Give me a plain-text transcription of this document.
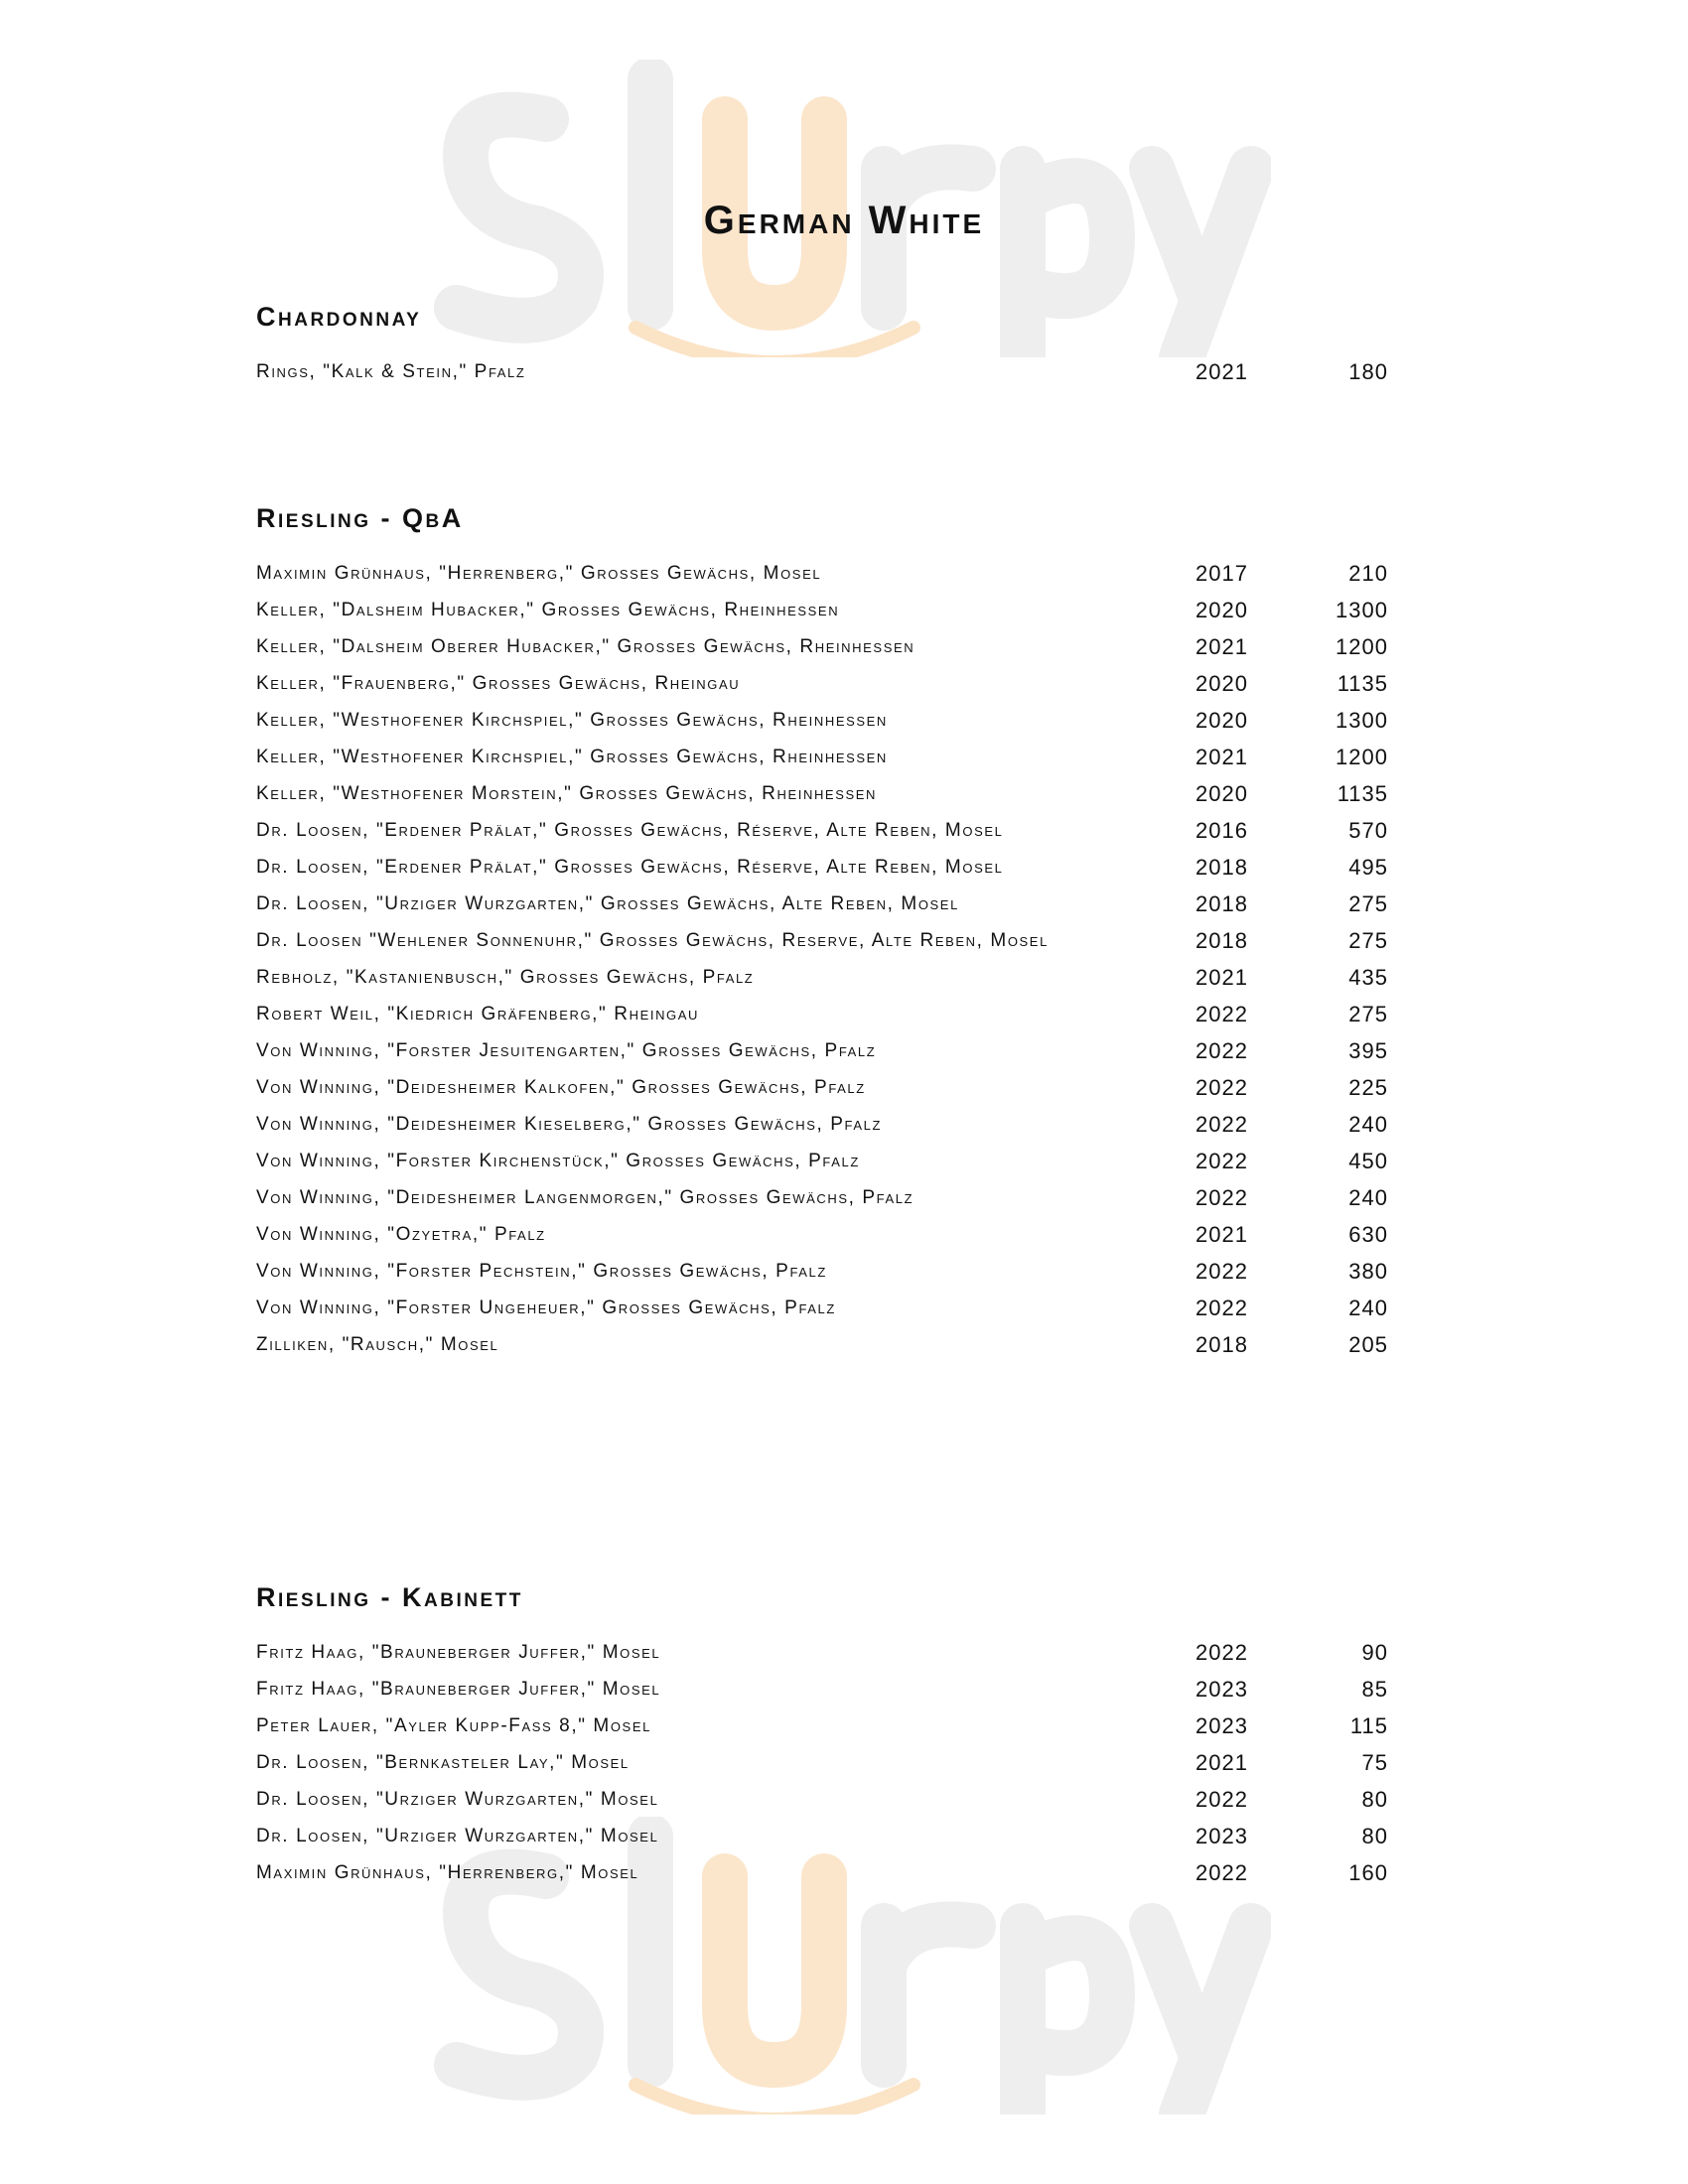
German White
Chardonnay
Rings, "Kalk & Stein," Pfalz	2021	180
Riesling - QbA
Maximin Grünhaus, "Herrenberg," Grosses Gewächs, Mosel	2017	210
Keller, "Dalsheim Hubacker," Grosses Gewächs, Rheinhessen	2020	1300
Keller, "Dalsheim Oberer Hubacker," Grosses Gewächs, Rheinhessen	2021	1200
Keller, "Frauenberg," Grosses Gewächs, Rheingau	2020	1135
Keller, "Westhofener Kirchspiel," Grosses Gewächs, Rheinhessen	2020	1300
Keller, "Westhofener Kirchspiel," Grosses Gewächs, Rheinhessen	2021	1200
Keller, "Westhofener Morstein," Grosses Gewächs, Rheinhessen	2020	1135
Dr. Loosen, "Erdener Prälat," Grosses Gewächs, Réserve, Alte Reben, Mosel	2016	570
Dr. Loosen, "Erdener Prälat," Grosses Gewächs, Réserve, Alte Reben, Mosel	2018	495
Dr. Loosen, "Urziger Wurzgarten," Grosses Gewächs, Alte Reben, Mosel	2018	275
Dr. Loosen "Wehlener Sonnenuhr," Grosses Gewächs, Reserve, Alte Reben, Mosel	2018	275
Rebholz, "Kastanienbusch," Grosses Gewächs, Pfalz	2021	435
Robert Weil, "Kiedrich Gräfenberg," Rheingau	2022	275
Von Winning, "Forster Jesuitengarten," Grosses Gewächs, Pfalz	2022	395
Von Winning, "Deidesheimer Kalkofen," Grosses Gewächs, Pfalz	2022	225
Von Winning, "Deidesheimer Kieselberg," Grosses Gewächs, Pfalz	2022	240
Von Winning, "Forster Kirchenstück," Grosses Gewächs, Pfalz	2022	450
Von Winning, "Deidesheimer Langenmorgen," Grosses Gewächs, Pfalz	2022	240
Von Winning, "Ozyetra," Pfalz	2021	630
Von Winning, "Forster Pechstein," Grosses Gewächs, Pfalz	2022	380
Von Winning, "Forster Ungeheuer," Grosses Gewächs, Pfalz	2022	240
Zilliken, "Rausch," Mosel	2018	205
Riesling - Kabinett
Fritz Haag, "Brauneberger Juffer," Mosel	2022	90
Fritz Haag, "Brauneberger Juffer," Mosel	2023	85
Peter Lauer, "Ayler Kupp-Fass 8," Mosel	2023	115
Dr. Loosen, "Bernkasteler Lay," Mosel	2021	75
Dr. Loosen, "Urziger Wurzgarten," Mosel	2022	80
Dr. Loosen, "Urziger Wurzgarten," Mosel	2023	80
Maximin Grünhaus, "Herrenberg," Mosel	2022	160
